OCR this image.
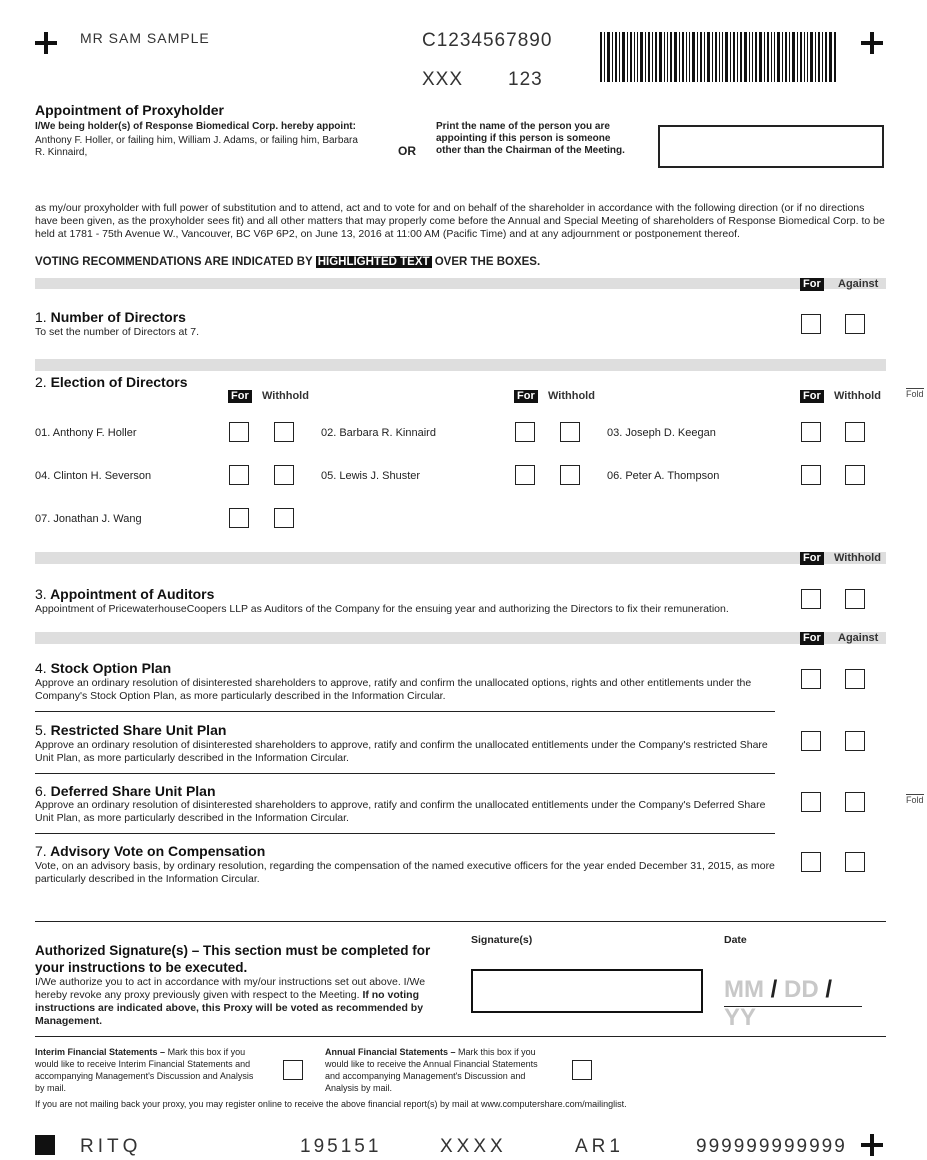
MR SAM SAMPLE	C1234567890
XXX 123
Appointment of Proxyholder
I/We being holder(s) of Response Biomedical Corp. hereby appoint:
Anthony F. Holler, or failing him, William J. Adams, or failing him, Barbara R. Kinnaird,	OR
Print the name of the person you are appointing if this person is someone other than the Chairman of the Meeting.
as my/our proxyholder with full power of substitution and to attend, act and to vote for and on behalf of the shareholder in accordance with the following direction (or if no directions have been given, as the proxyholder sees fit) and all other matters that may properly come before the Annual and Special Meeting of shareholders of Response Biomedical Corp. to be held at 1781 - 75th Avenue W., Vancouver, BC V6P 6P2, on June 13, 2016 at 11:00 AM (Pacific Time) and at any adjournment or postponement thereof.
VOTING RECOMMENDATIONS ARE INDICATED BY HIGHLIGHTED TEXT OVER THE BOXES.
For Against
1. Number of Directors
To set the number of Directors at 7.
2. Election of Directors
For Withhold	For Withhold	For Withhold
01. Anthony F. Holler	02. Barbara R. Kinnaird	03. Joseph D. Keegan
04. Clinton H. Severson	05. Lewis J. Shuster	06. Peter A. Thompson
07. Jonathan J. Wang
Fold
For Withhold
3. Appointment of Auditors
Appointment of PricewaterhouseCoopers LLP as Auditors of the Company for the ensuing year and authorizing the Directors to fix their remuneration.
For Against
4. Stock Option Plan
Approve an ordinary resolution of disinterested shareholders to approve, ratify and confirm the unallocated options, rights and other entitlements under the Company's Stock Option Plan, as more particularly described in the Information Circular.
5. Restricted Share Unit Plan
Approve an ordinary resolution of disinterested shareholders to approve, ratify and confirm the unallocated entitlements under the Company's restricted Share Unit Plan, as more particularly described in the Information Circular.
6. Deferred Share Unit Plan
Approve an ordinary resolution of disinterested shareholders to approve, ratify and confirm the unallocated entitlements under the Company's Deferred Share Unit Plan, as more particularly described in the Information Circular.
Fold
7. Advisory Vote on Compensation
Vote, on an advisory basis, by ordinary resolution, regarding the compensation of the named executive officers for the year ended December 31, 2015, as more particularly described in the Information Circular.
Authorized Signature(s) – This section must be completed for your instructions to be executed.
I/We authorize you to act in accordance with my/our instructions set out above. I/We hereby revoke any proxy previously given with respect to the Meeting. If no voting instructions are indicated above, this Proxy will be voted as recommended by Management.
Signature(s)	Date
MM / DD / YY
Interim Financial Statements – Mark this box if you would like to receive Interim Financial Statements and accompanying Management's Discussion and Analysis by mail.
Annual Financial Statements – Mark this box if you would like to receive the Annual Financial Statements and accompanying Management's Discussion and Analysis by mail.
If you are not mailing back your proxy, you may register online to receive the above financial report(s) by mail at www.computershare.com/mailinglist.
RITQ	195151	XXXX	AR1	999999999999
